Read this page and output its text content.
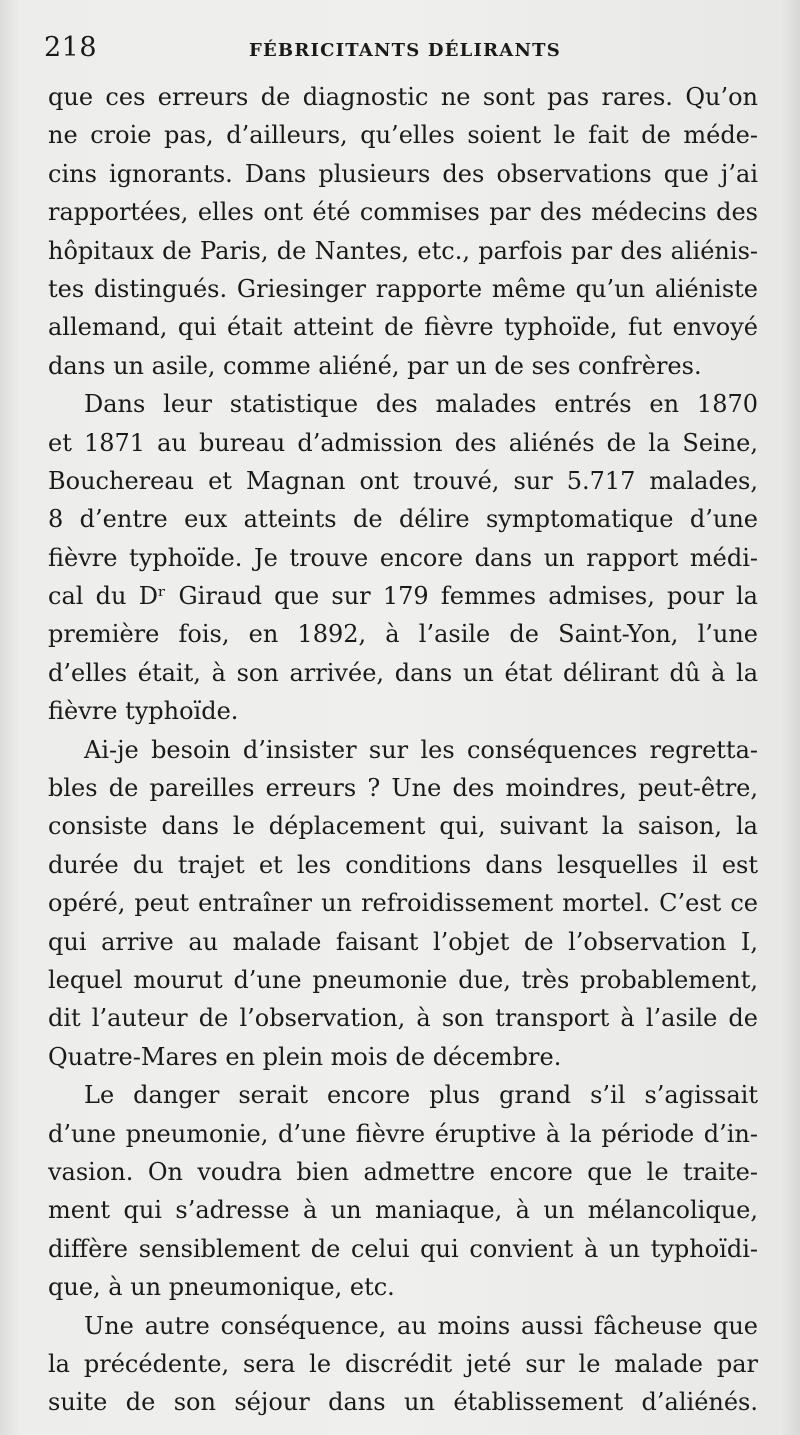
218	FÉBRICITANTS DÉLIRANTS
que ces erreurs de diagnostic ne sont pas rares. Qu’on
ne croie pas, d’ailleurs, qu’elles soient le fait de méde-
cins ignorants. Dans plusieurs des observations que j’ai
rapportées, elles ont été commises par des médecins des
hôpitaux de Paris, de Nantes, etc., parfois par des aliénis-
tes distingués. Griesinger rapporte même qu’un aliéniste
allemand, qui était atteint de fièvre typhoïde, fut envoyé
dans un asile, comme aliéné, par un de ses confrères.
Dans leur statistique des malades entrés en 1870
et 1871 au bureau d’admission des aliénés de la Seine,
Bouchereau et Magnan ont trouvé, sur 5.717 malades,
8 d’entre eux atteints de délire symptomatique d’une
fièvre typhoïde. Je trouve encore dans un rapport médi-
cal du Dʳ Giraud que sur 179 femmes admises, pour la
première fois, en 1892, à l’asile de Saint-Yon, l’une
d’elles était, à son arrivée, dans un état délirant dû à la
fièvre typhoïde.
Ai-je besoin d’insister sur les conséquences regretta-
bles de pareilles erreurs ? Une des moindres, peut-être,
consiste dans le déplacement qui, suivant la saison, la
durée du trajet et les conditions dans lesquelles il est
opéré, peut entraîner un refroidissement mortel. C’est ce
qui arrive au malade faisant l’objet de l’observation I,
lequel mourut d’une pneumonie due, très probablement,
dit l’auteur de l’observation, à son transport à l’asile de
Quatre-Mares en plein mois de décembre.
Le danger serait encore plus grand s’il s’agissait
d’une pneumonie, d’une fièvre éruptive à la période d’in-
vasion. On voudra bien admettre encore que le traite-
ment qui s’adresse à un maniaque, à un mélancolique,
diffère sensiblement de celui qui convient à un typhoïdi-
que, à un pneumonique, etc.
Une autre conséquence, au moins aussi fâcheuse que
la précédente, sera le discrédit jeté sur le malade par
suite de son séjour dans un établissement d’aliénés.
